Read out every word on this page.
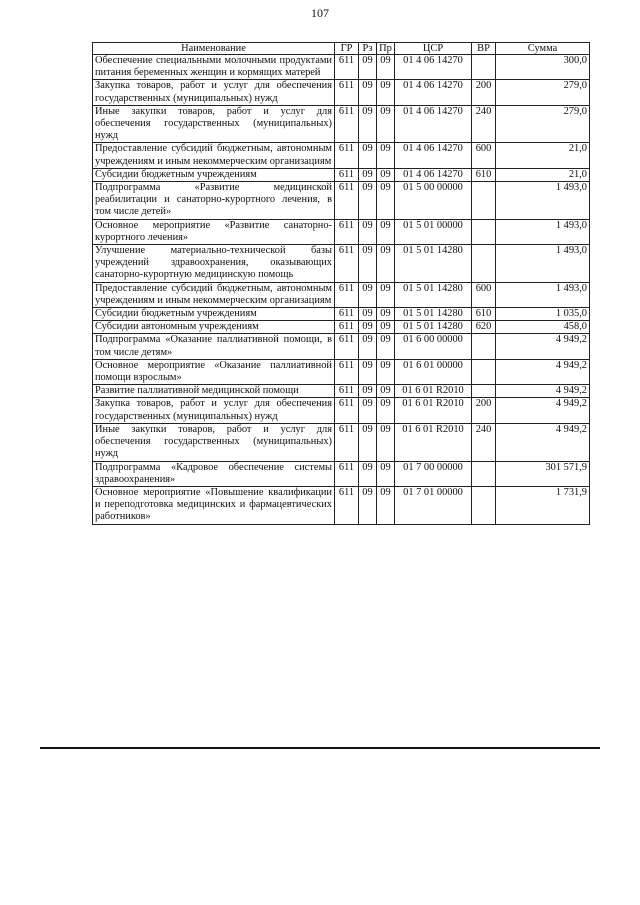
107
Наименование	ГР	Рз	Пр	ЦСР	ВР	Сумма
Обеспечение специальными молочными продуктами питания беременных женщин и кормящих матерей	611	09	09	01 4 06 14270		300,0
Закупка товаров, работ и услуг для обеспечения государственных (муниципальных) нужд	611	09	09	01 4 06 14270	200	279,0
Иные закупки товаров, работ и услуг для обеспечения государственных (муниципальных) нужд	611	09	09	01 4 06 14270	240	279,0
Предоставление субсидий бюджетным, автономным учреждениям и иным некоммерческим организациям	611	09	09	01 4 06 14270	600	21,0
Субсидии бюджетным учреждениям	611	09	09	01 4 06 14270	610	21,0
Подпрограмма «Развитие медицинской реабилитации и санаторно-курортного лечения, в том числе детей»	611	09	09	01 5 00 00000		1 493,0
Основное мероприятие «Развитие санаторно-курортного лечения»	611	09	09	01 5 01 00000		1 493,0
Улучшение материально-технической базы учреждений здравоохранения, оказывающих санаторно-курортную медицинскую помощь	611	09	09	01 5 01 14280		1 493,0
Предоставление субсидий бюджетным, автономным учреждениям и иным некоммерческим организациям	611	09	09	01 5 01 14280	600	1 493,0
Субсидии бюджетным учреждениям	611	09	09	01 5 01 14280	610	1 035,0
Субсидии автономным учреждениям	611	09	09	01 5 01 14280	620	458,0
Подпрограмма «Оказание паллиативной помощи, в том числе детям»	611	09	09	01 6 00 00000		4 949,2
Основное мероприятие «Оказание паллиативной помощи взрослым»	611	09	09	01 6 01 00000		4 949,2
Развитие паллиативной медицинской помощи	611	09	09	01 6 01 R2010		4 949,2
Закупка товаров, работ и услуг для обеспечения государственных (муниципальных) нужд	611	09	09	01 6 01 R2010	200	4 949,2
Иные закупки товаров, работ и услуг для обеспечения государственных (муниципальных) нужд	611	09	09	01 6 01 R2010	240	4 949,2
Подпрограмма «Кадровое обеспечение системы здравоохранения»	611	09	09	01 7 00 00000		301 571,9
Основное мероприятие «Повышение квалификации и переподготовка медицинских и фармацевтических работников»	611	09	09	01 7 01 00000		1 731,9
